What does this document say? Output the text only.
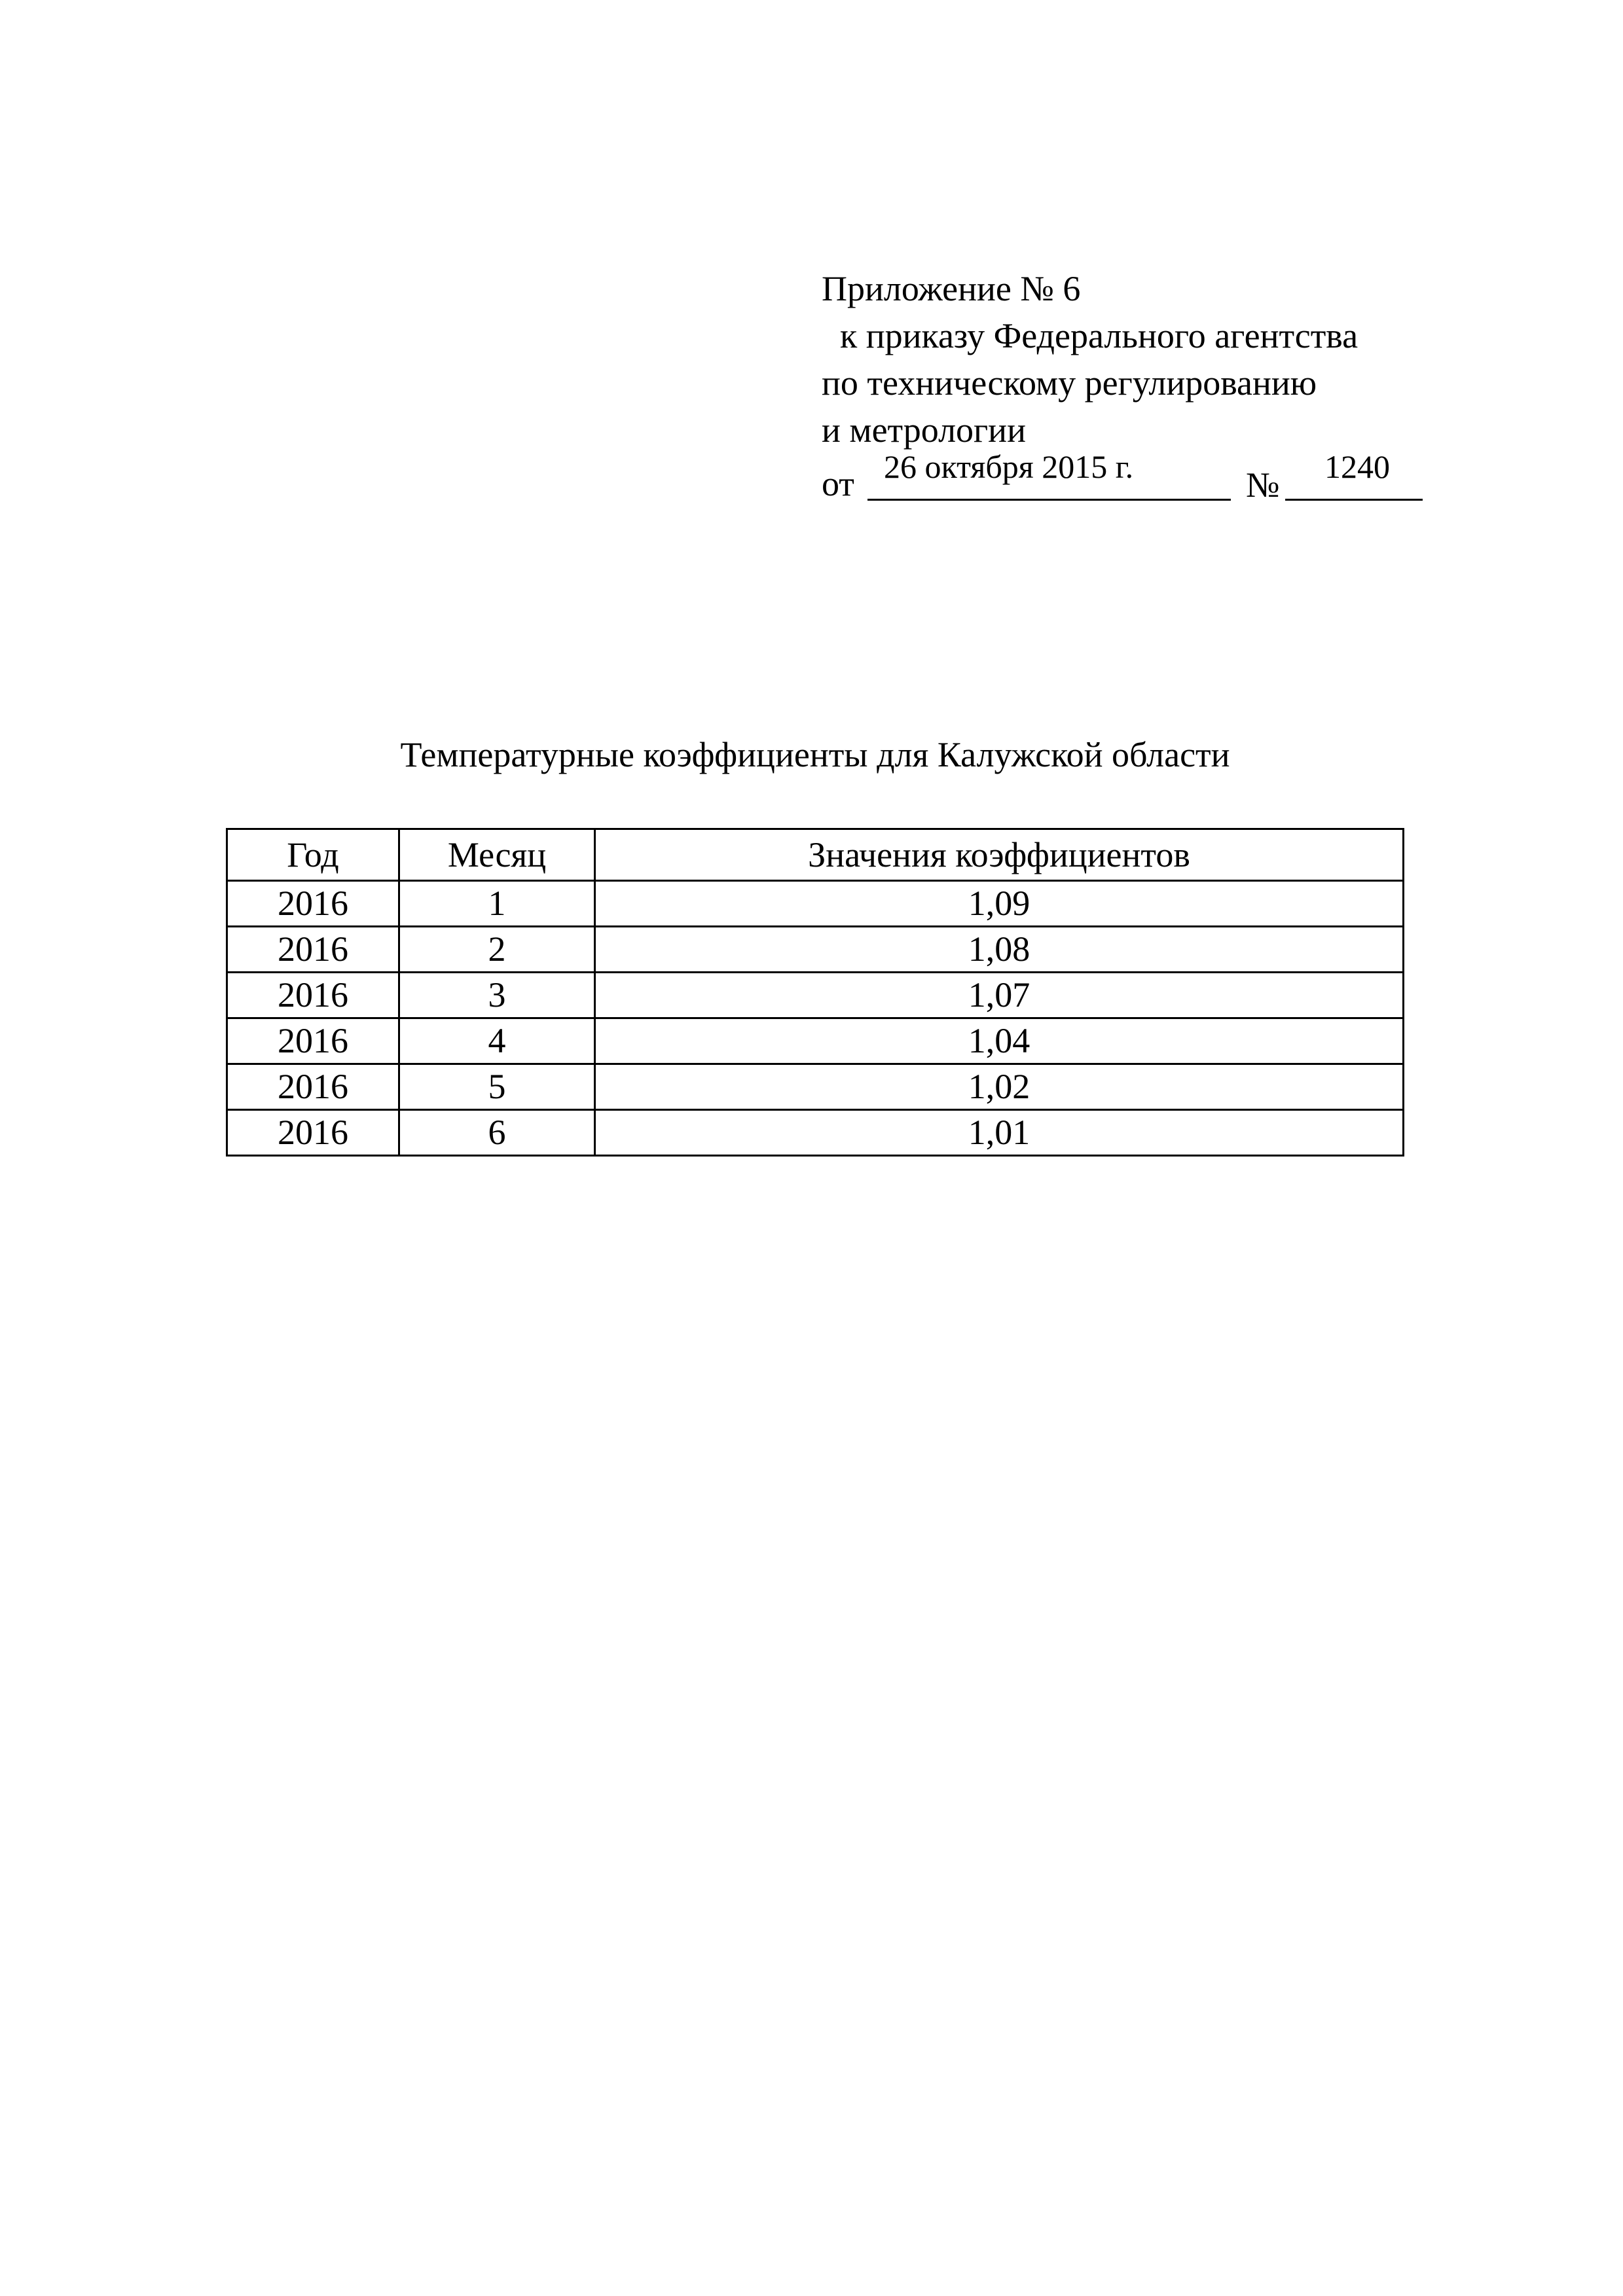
Приложение № 6
к приказу Федерального агентства
по техническому регулированию
и метрологии
от 26 октября 2015 г.	№ 1240
Температурные коэффициенты для Калужской области
Год	Месяц	Значения коэффициентов
2016	1	1,09
2016	2	1,08
2016	3	1,07
2016	4	1,04
2016	5	1,02
2016	6	1,01
